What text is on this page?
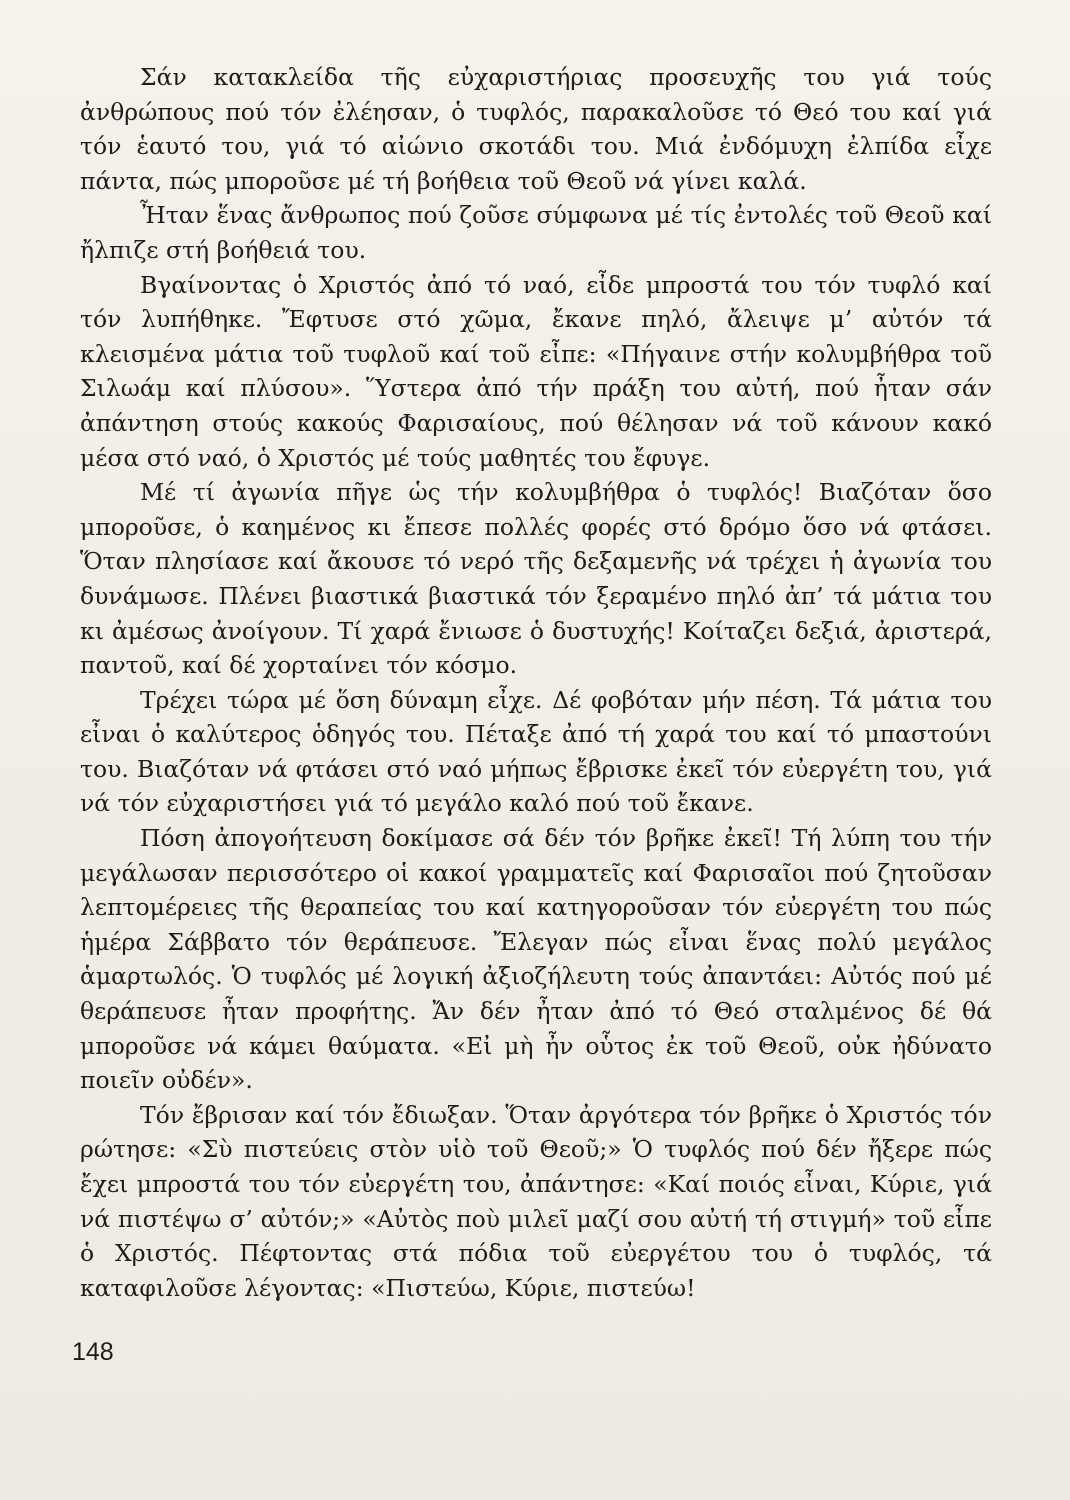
Σάν κατακλείδα τῆς εὐχαριστήριας προσευχῆς του γιά τούς ἀνθρώπους πού τόν ἐλέησαν, ὁ τυφλός, παρακαλοῦσε τό Θεό του καί γιά τόν ἑαυτό του, γιά τό αἰώνιο σκοτάδι του. Μιά ἐνδόμυχη ἐλπίδα εἶχε πάντα, πώς μποροῦσε μέ τή βοήθεια τοῦ Θεοῦ νά γίνει καλά.

Ἦταν ἕνας ἄνθρωπος πού ζοῦσε σύμφωνα μέ τίς ἐντολές τοῦ Θεοῦ καί ἤλπιζε στή βοήθειά του.

Βγαίνοντας ὁ Χριστός ἀπό τό ναό, εἶδε μπροστά του τόν τυφλό καί τόν λυπήθηκε. Ἔφτυσε στό χῶμα, ἔκανε πηλό, ἄλειψε μ’ αὐτόν τά κλεισμένα μάτια τοῦ τυφλοῦ καί τοῦ εἶπε: «Πήγαινε στήν κολυμβήθρα τοῦ Σιλωάμ καί πλύσου». Ὕστερα ἀπό τήν πράξη του αὐτή, πού ἦταν σάν ἀπάντηση στούς κακούς Φαρισαίους, πού θέλησαν νά τοῦ κάνουν κακό μέσα στό ναό, ὁ Χριστός μέ τούς μαθητές του ἔφυγε.

Μέ τί ἀγωνία πῆγε ὡς τήν κολυμβήθρα ὁ τυφλός! Βιαζόταν ὅσο μποροῦσε, ὁ καημένος κι ἔπεσε πολλές φορές στό δρόμο ὅσο νά φτάσει. Ὅταν πλησίασε καί ἄκουσε τό νερό τῆς δεξαμενῆς νά τρέχει ἡ ἀγωνία του δυνάμωσε. Πλένει βιαστικά βιαστικά τόν ξεραμένο πηλό ἀπ’ τά μάτια του κι ἀμέσως ἀνοίγουν. Τί χαρά ἔνιωσε ὁ δυστυχής! Κοίταζει δεξιά, ἀριστερά, παντοῦ, καί δέ χορταίνει τόν κόσμο.

Τρέχει τώρα μέ ὅση δύναμη εἶχε. Δέ φοβόταν μήν πέση. Τά μάτια του εἶναι ὁ καλύτερος ὁδηγός του. Πέταξε ἀπό τή χαρά του καί τό μπαστούνι του. Βιαζόταν νά φτάσει στό ναό μήπως ἔβρισκε ἐκεῖ τόν εὐεργέτη του, γιά νά τόν εὐχαριστήσει γιά τό μεγάλο καλό πού τοῦ ἔκανε.

Πόση ἀπογοήτευση δοκίμασε σά δέν τόν βρῆκε ἐκεῖ! Τή λύπη του τήν μεγάλωσαν περισσότερο οἱ κακοί γραμματεῖς καί Φαρισαῖοι πού ζητοῦσαν λεπτομέρειες τῆς θεραπείας του καί κατηγοροῦσαν τόν εὐεργέτη του πώς ἡμέρα Σάββατο τόν θεράπευσε. Ἔλεγαν πώς εἶναι ἕνας πολύ μεγάλος ἁμαρτωλός. Ὁ τυφλός μέ λογική ἀξιοζήλευτη τούς ἀπαντάει: Αὐτός πού μέ θεράπευσε ἦταν προφήτης. Ἄν δέν ἦταν ἀπό τό Θεό σταλμένος δέ θά μποροῦσε νά κάμει θαύματα. «Εἰ μὴ ἦν οὗτος ἐκ τοῦ Θεοῦ, οὐκ ἠδύνατο ποιεῖν οὐδέν».

Τόν ἔβρισαν καί τόν ἔδιωξαν. Ὅταν ἀργότερα τόν βρῆκε ὁ Χριστός τόν ρώτησε: «Σὺ πιστεύεις στὸν υἱὸ τοῦ Θεοῦ;» Ὁ τυφλός πού δέν ἤξερε πώς ἔχει μπροστά του τόν εὐεργέτη του, ἀπάντησε: «Καί ποιός εἶναι, Κύριε, γιά νά πιστέψω σ’ αὐτόν;» «Αὐτὸς ποὺ μιλεῖ μαζί σου αὐτή τή στιγμή» τοῦ εἶπε ὁ Χριστός. Πέφτοντας στά πόδια τοῦ εὐεργέτου του ὁ τυφλός, τά καταφιλοῦσε λέγοντας: «Πιστεύω, Κύριε, πιστεύω!

148
